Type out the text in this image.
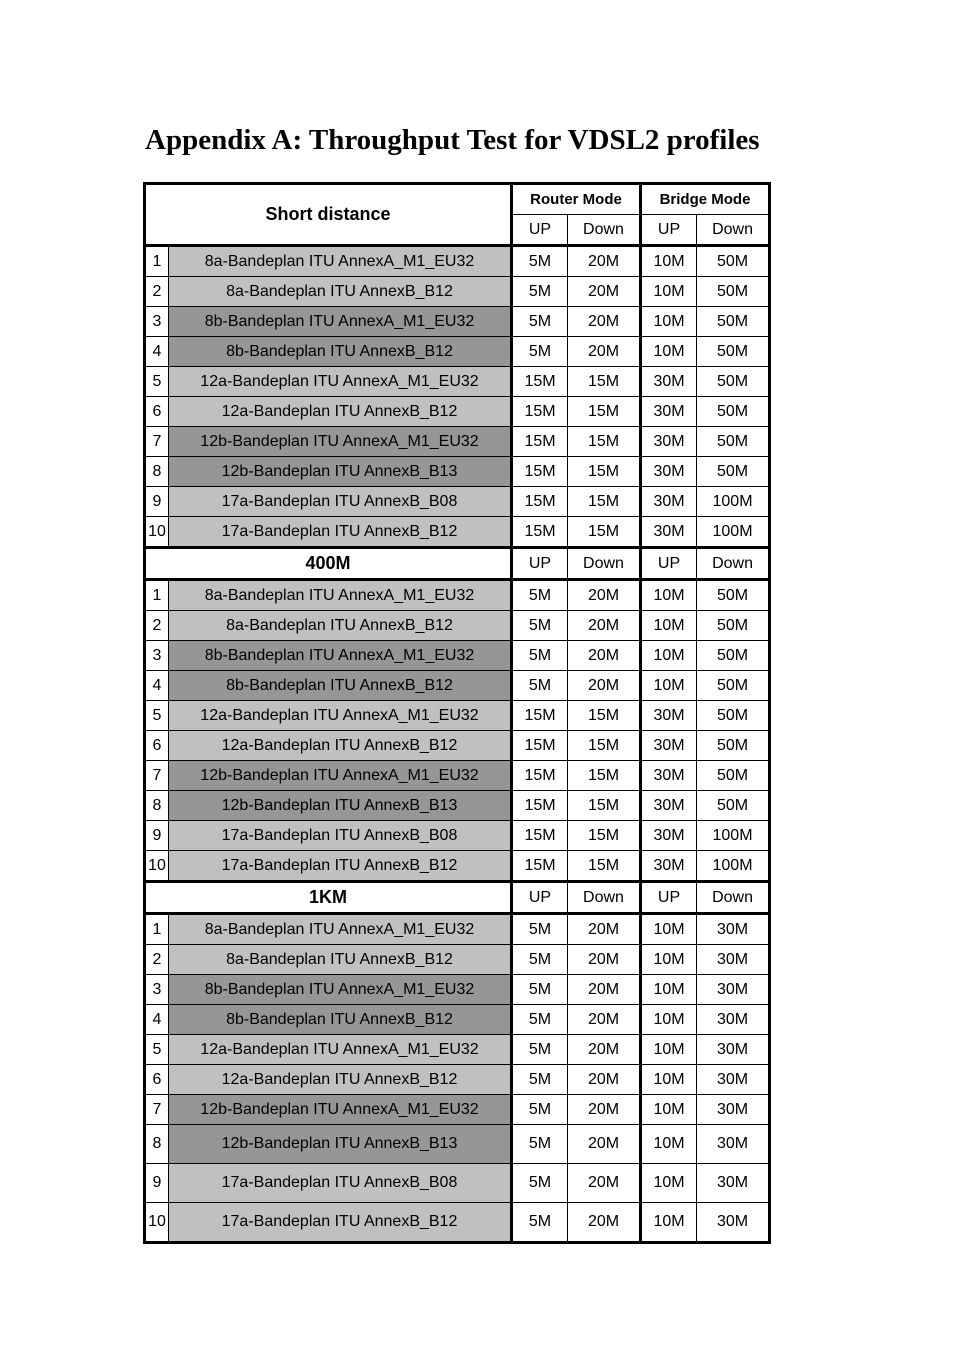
Appendix A: Throughput Test for VDSL2 profiles
Short distance		Router Mode		Bridge Mode	
		UP	Down	UP	Down
1	8a-Bandeplan ITU AnnexA_M1_EU32	5M	20M	10M	50M
2	8a-Bandeplan ITU AnnexB_B12	5M	20M	10M	50M
3	8b-Bandeplan ITU AnnexA_M1_EU32	5M	20M	10M	50M
4	8b-Bandeplan ITU AnnexB_B12	5M	20M	10M	50M
5	12a-Bandeplan ITU AnnexA_M1_EU32	15M	15M	30M	50M
6	12a-Bandeplan ITU AnnexB_B12	15M	15M	30M	50M
7	12b-Bandeplan ITU AnnexA_M1_EU32	15M	15M	30M	50M
8	12b-Bandeplan ITU AnnexB_B13	15M	15M	30M	50M
9	17a-Bandeplan ITU AnnexB_B08	15M	15M	30M	100M
10	17a-Bandeplan ITU AnnexB_B12	15M	15M	30M	100M
400M		UP	Down	UP	Down
1	8a-Bandeplan ITU AnnexA_M1_EU32	5M	20M	10M	50M
2	8a-Bandeplan ITU AnnexB_B12	5M	20M	10M	50M
3	8b-Bandeplan ITU AnnexA_M1_EU32	5M	20M	10M	50M
4	8b-Bandeplan ITU AnnexB_B12	5M	20M	10M	50M
5	12a-Bandeplan ITU AnnexA_M1_EU32	15M	15M	30M	50M
6	12a-Bandeplan ITU AnnexB_B12	15M	15M	30M	50M
7	12b-Bandeplan ITU AnnexA_M1_EU32	15M	15M	30M	50M
8	12b-Bandeplan ITU AnnexB_B13	15M	15M	30M	50M
9	17a-Bandeplan ITU AnnexB_B08	15M	15M	30M	100M
10	17a-Bandeplan ITU AnnexB_B12	15M	15M	30M	100M
1KM		UP	Down	UP	Down
1	8a-Bandeplan ITU AnnexA_M1_EU32	5M	20M	10M	30M
2	8a-Bandeplan ITU AnnexB_B12	5M	20M	10M	30M
3	8b-Bandeplan ITU AnnexA_M1_EU32	5M	20M	10M	30M
4	8b-Bandeplan ITU AnnexB_B12	5M	20M	10M	30M
5	12a-Bandeplan ITU AnnexA_M1_EU32	5M	20M	10M	30M
6	12a-Bandeplan ITU AnnexB_B12	5M	20M	10M	30M
7	12b-Bandeplan ITU AnnexA_M1_EU32	5M	20M	10M	30M
8	12b-Bandeplan ITU AnnexB_B13	5M	20M	10M	30M
9	17a-Bandeplan ITU AnnexB_B08	5M	20M	10M	30M
10	17a-Bandeplan ITU AnnexB_B12	5M	20M	10M	30M
